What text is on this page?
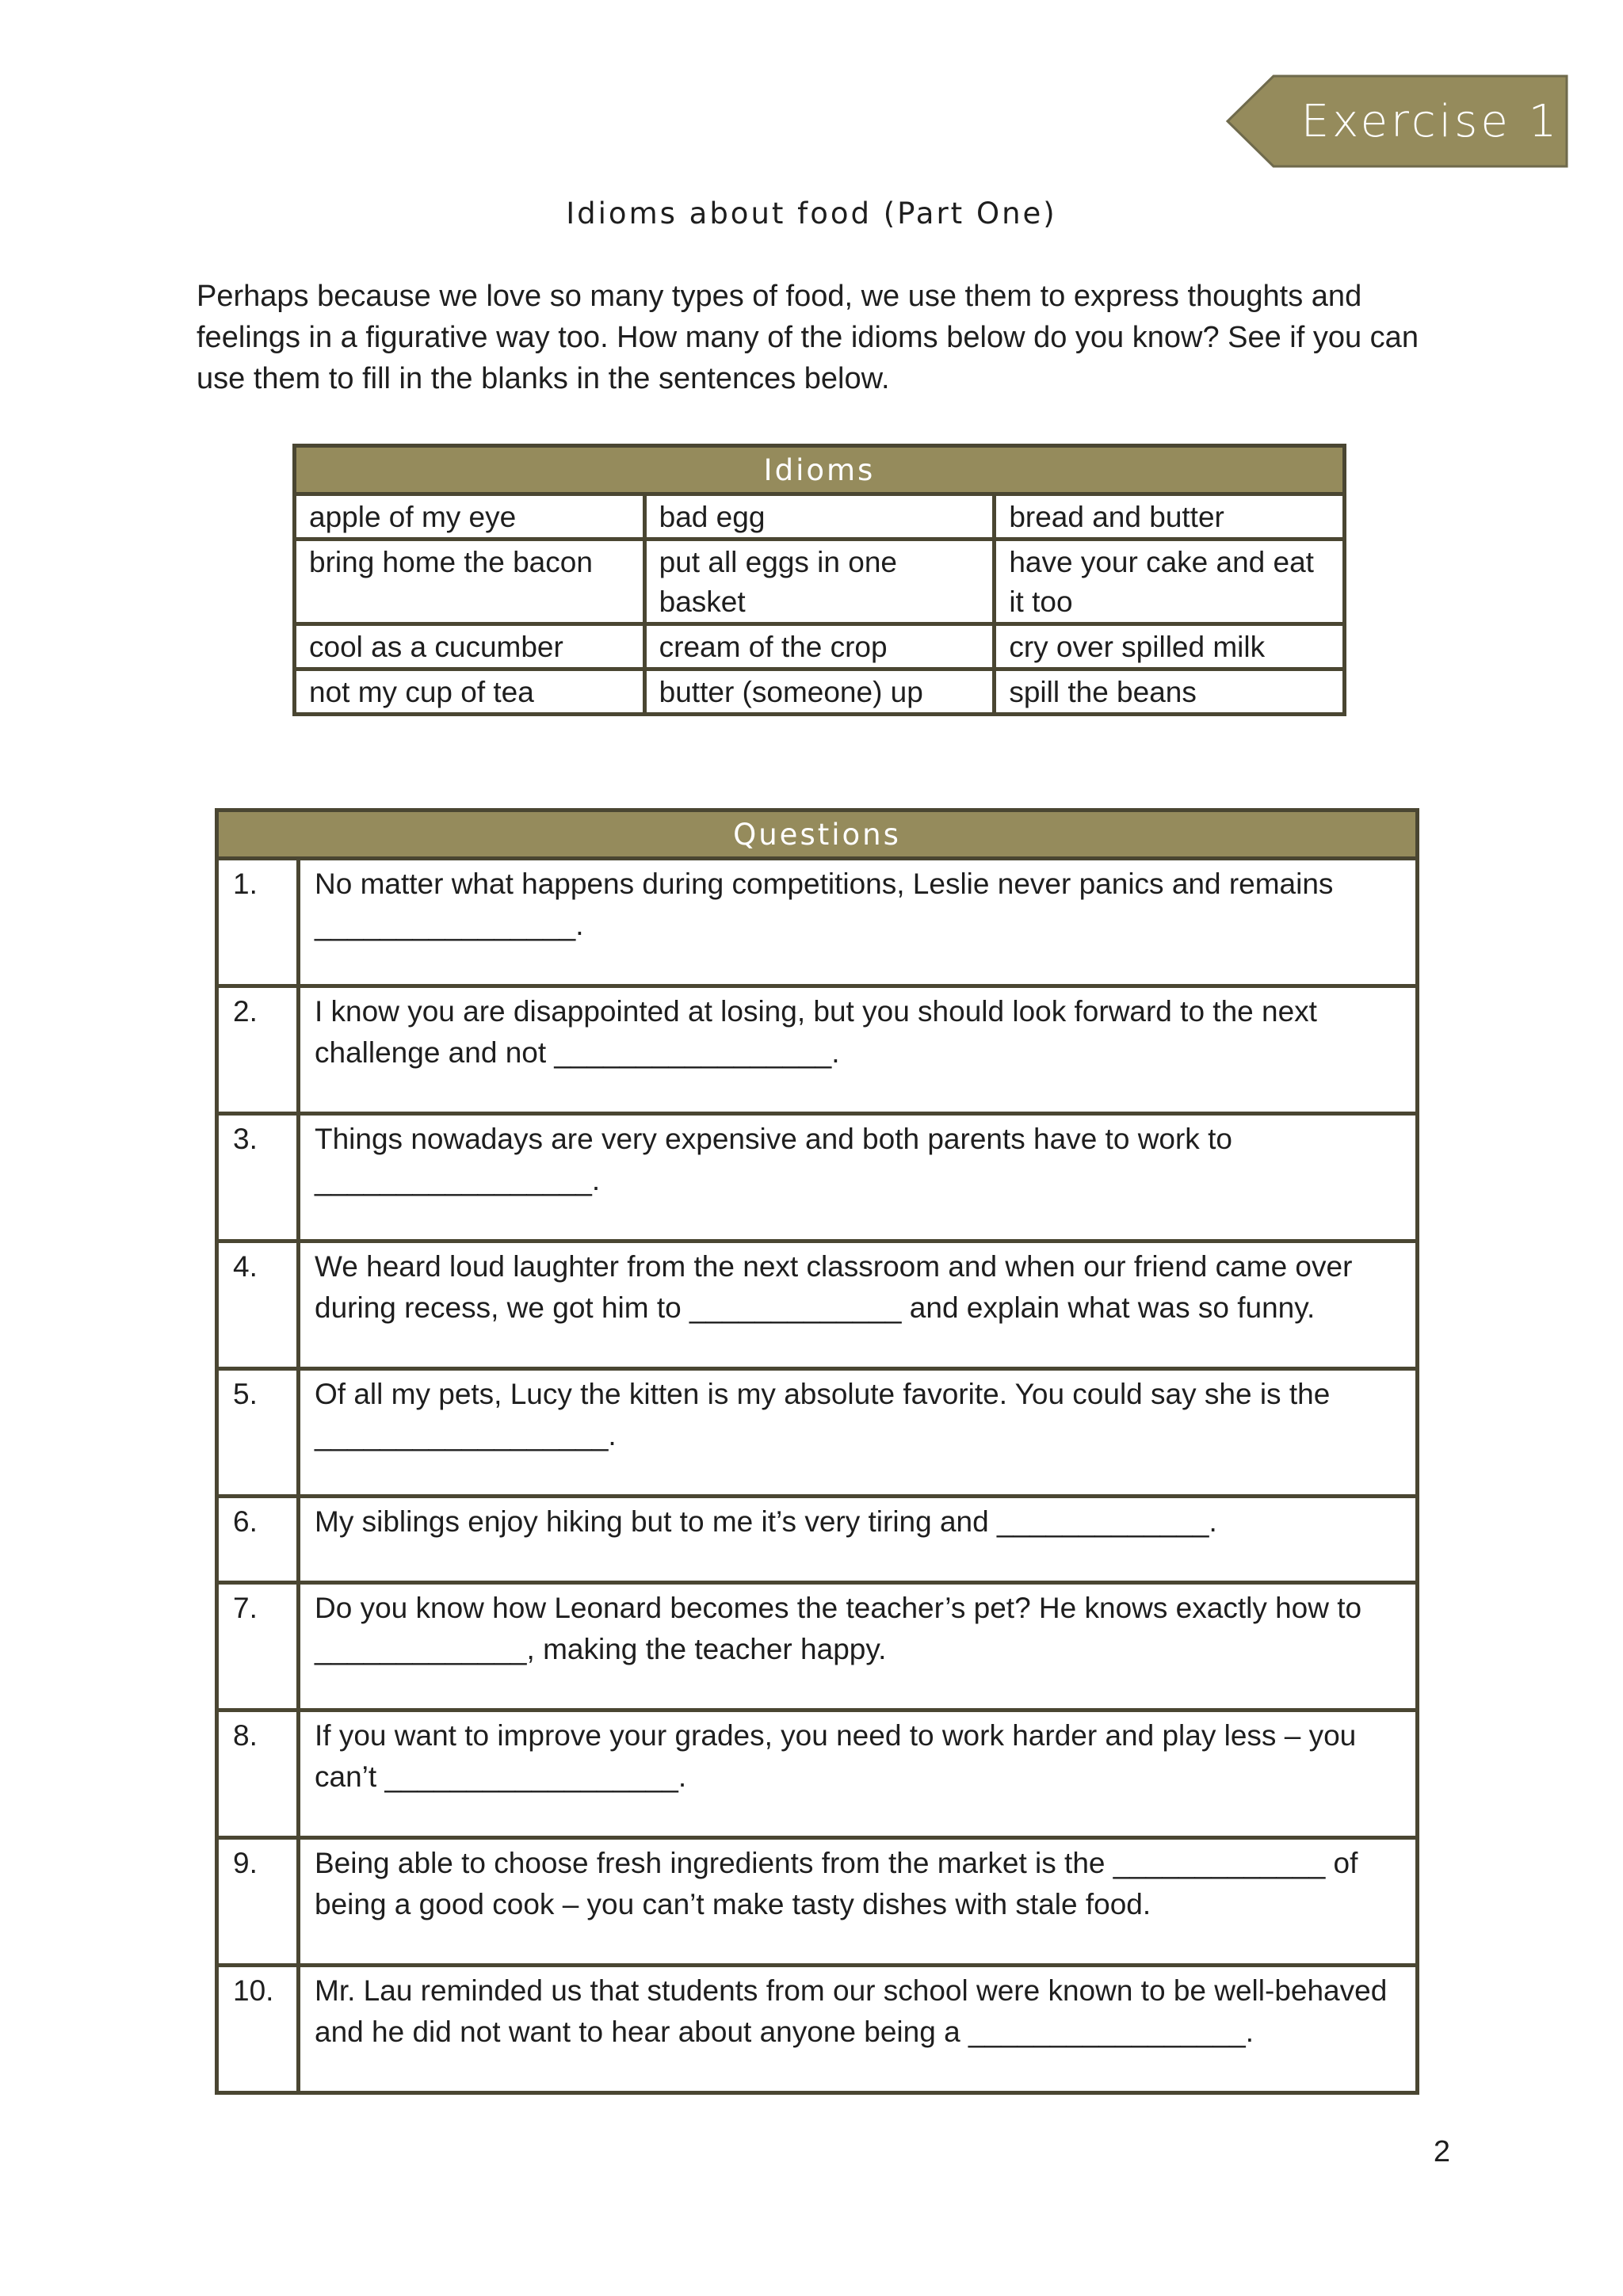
Exercise 1
Idioms about food (Part One)
Perhaps because we love so many types of food, we use them to express thoughts and feelings in a figurative way too. How many of the idioms below do you know? See if you can use them to fill in the blanks in the sentences below.
Idioms		
apple of my eye	bad egg	bread and butter
bring home the bacon	put all eggs in one basket	have your cake and eat it too
cool as a cucumber	cream of the crop	cry over spilled milk
not my cup of tea	butter (someone) up	spill the beans
Questions	
1.	No matter what happens during competitions, Leslie never panics and remains ________________.
2.	I know you are disappointed at losing, but you should look forward to the next challenge and not _________________.
3.	Things nowadays are very expensive and both parents have to work to _________________.
4.	We heard loud laughter from the next classroom and when our friend came over during recess, we got him to _____________ and explain what was so funny.
5.	Of all my pets, Lucy the kitten is my absolute favorite. You could say she is the __________________.
6.	My siblings enjoy hiking but to me it’s very tiring and _____________.
7.	Do you know how Leonard becomes the teacher’s pet? He knows exactly how to _____________, making the teacher happy.
8.	If you want to improve your grades, you need to work harder and play less – you can’t __________________.
9.	Being able to choose fresh ingredients from the market is the _____________ of being a good cook – you can’t make tasty dishes with stale food.
10.	Mr. Lau reminded us that students from our school were known to be well-behaved and he did not want to hear about anyone being a _________________.
2
